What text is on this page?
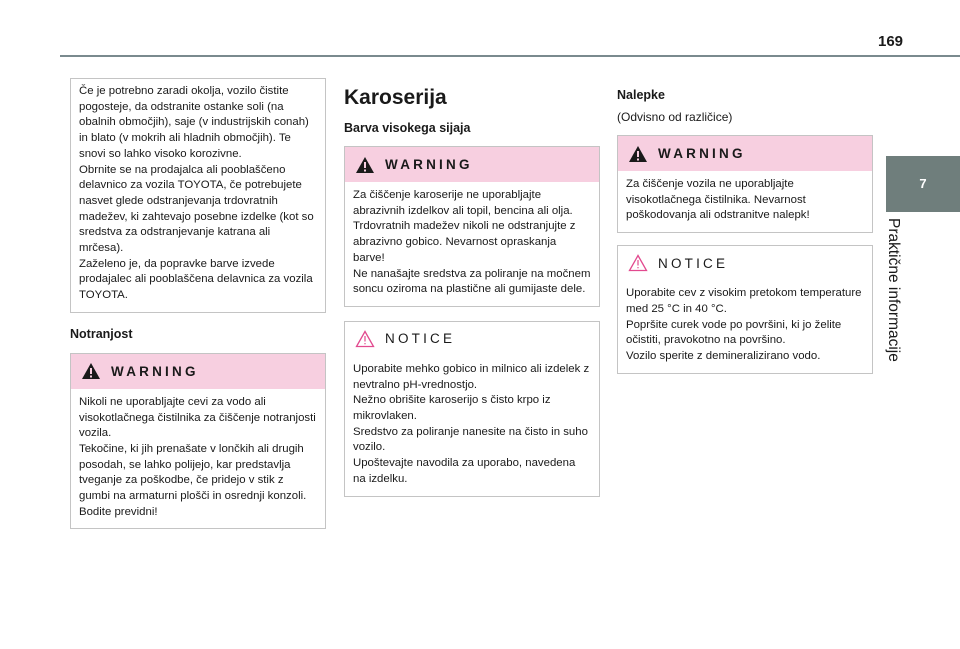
169
7
Praktične informacije

Če je potrebno zaradi okolja, vozilo čistite pogosteje, da odstranite ostanke soli (na obalnih območjih), saje (v industrijskih conah) in blato (v mokrih ali hladnih območjih). Te snovi so lahko visoko korozivne.

Obrnite se na prodajalca ali pooblaščeno delavnico za vozila TOYOTA, če potrebujete nasvet glede odstranjevanja trdovratnih madežev, ki zahtevajo posebne izdelke (kot so sredstva za odstranjevanje katrana ali mrčesa).

Zaželeno je, da popravke barve izvede prodajalec ali pooblaščena delavnica za vozila TOYOTA.

Notranjost

WARNING

Nikoli ne uporabljajte cevi za vodo ali visokotlačnega čistilnika za čiščenje notranjosti vozila.

Tekočine, ki jih prenašate v lončkih ali drugih posodah, se lahko polijejo, kar predstavlja tveganje za poškodbe, če pridejo v stik z gumbi na armaturni plošči in osrednji konzoli. Bodite previdni!

Karoserija

Barva visokega sijaja

WARNING

Za čiščenje karoserije ne uporabljajte abrazivnih izdelkov ali topil, bencina ali olja.

Trdovratnih madežev nikoli ne odstranjujte z abrazivno gobico. Nevarnost opraskanja barve!

Ne nanašajte sredstva za poliranje na močnem soncu oziroma na plastične ali gumijaste dele.

NOTICE

Uporabite mehko gobico in milnico ali izdelek z nevtralno pH-vrednostjo.

Nežno obrišite karoserijo s čisto krpo iz mikrovlaken.

Sredstvo za poliranje nanesite na čisto in suho vozilo.

Upoštevajte navodila za uporabo, navedena na izdelku.

Nalepke

(Odvisno od različice)

WARNING

Za čiščenje vozila ne uporabljajte visokotlačnega čistilnika. Nevarnost poškodovanja ali odstranitve nalepk!

NOTICE

Uporabite cev z visokim pretokom temperature med 25 °C in 40 °C.

Popršite curek vode po površini, ki jo želite očistiti, pravokotno na površino.

Vozilo sperite z demineralizirano vodo.
